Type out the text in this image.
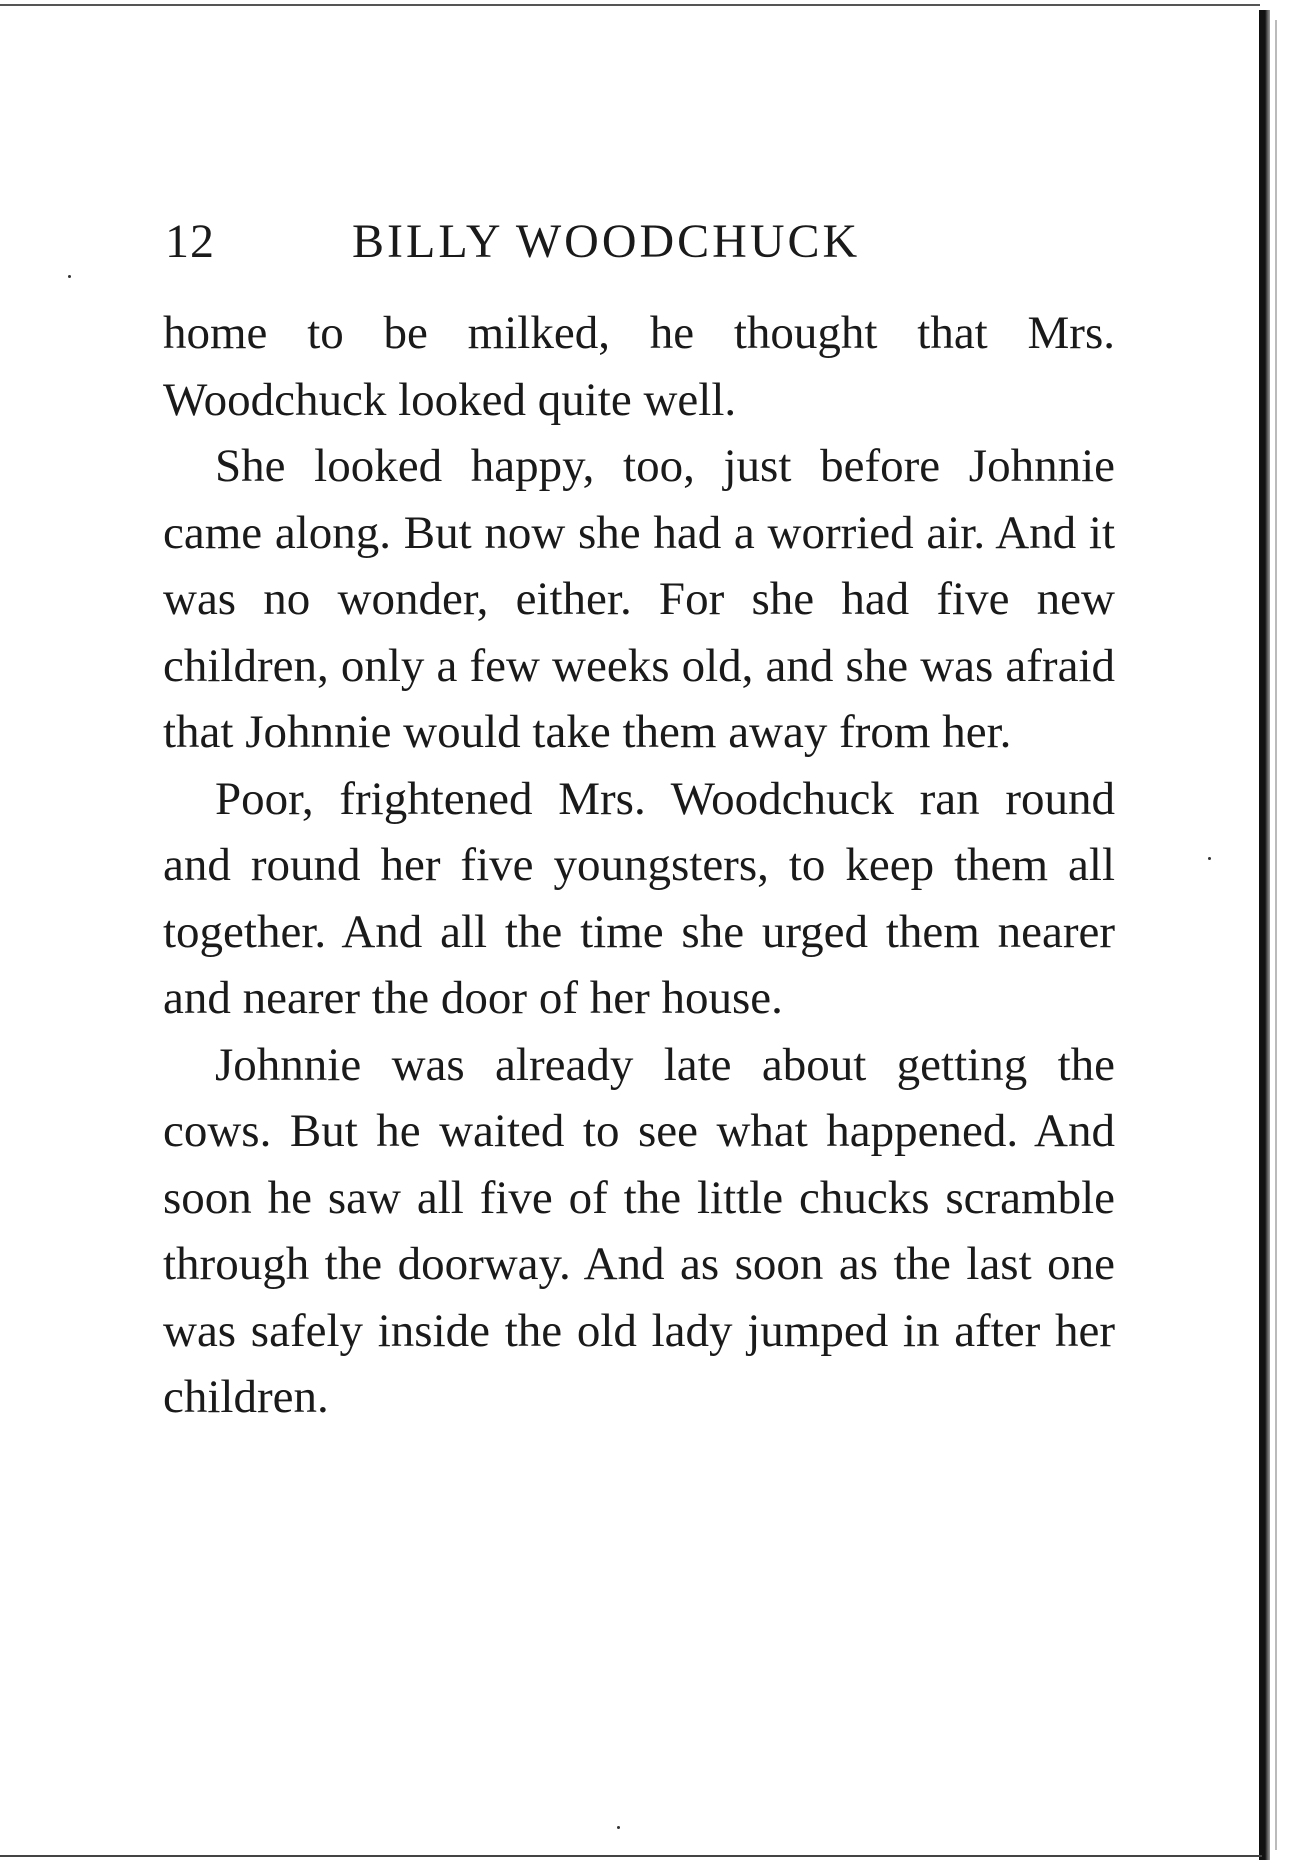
12	BILLY WOODCHUCK

home to be milked, he thought that Mrs. Woodchuck looked quite well.

She looked happy, too, just before Johnnie came along. But now she had a worried air. And it was no wonder, either. For she had five new children, only a few weeks old, and she was afraid that Johnnie would take them away from her.

Poor, frightened Mrs. Woodchuck ran round and round her five youngsters, to keep them all together. And all the time she urged them nearer and nearer the door of her house.

Johnnie was already late about getting the cows. But he waited to see what happened. And soon he saw all five of the little chucks scramble through the doorway. And as soon as the last one was safely inside the old lady jumped in after her children.
